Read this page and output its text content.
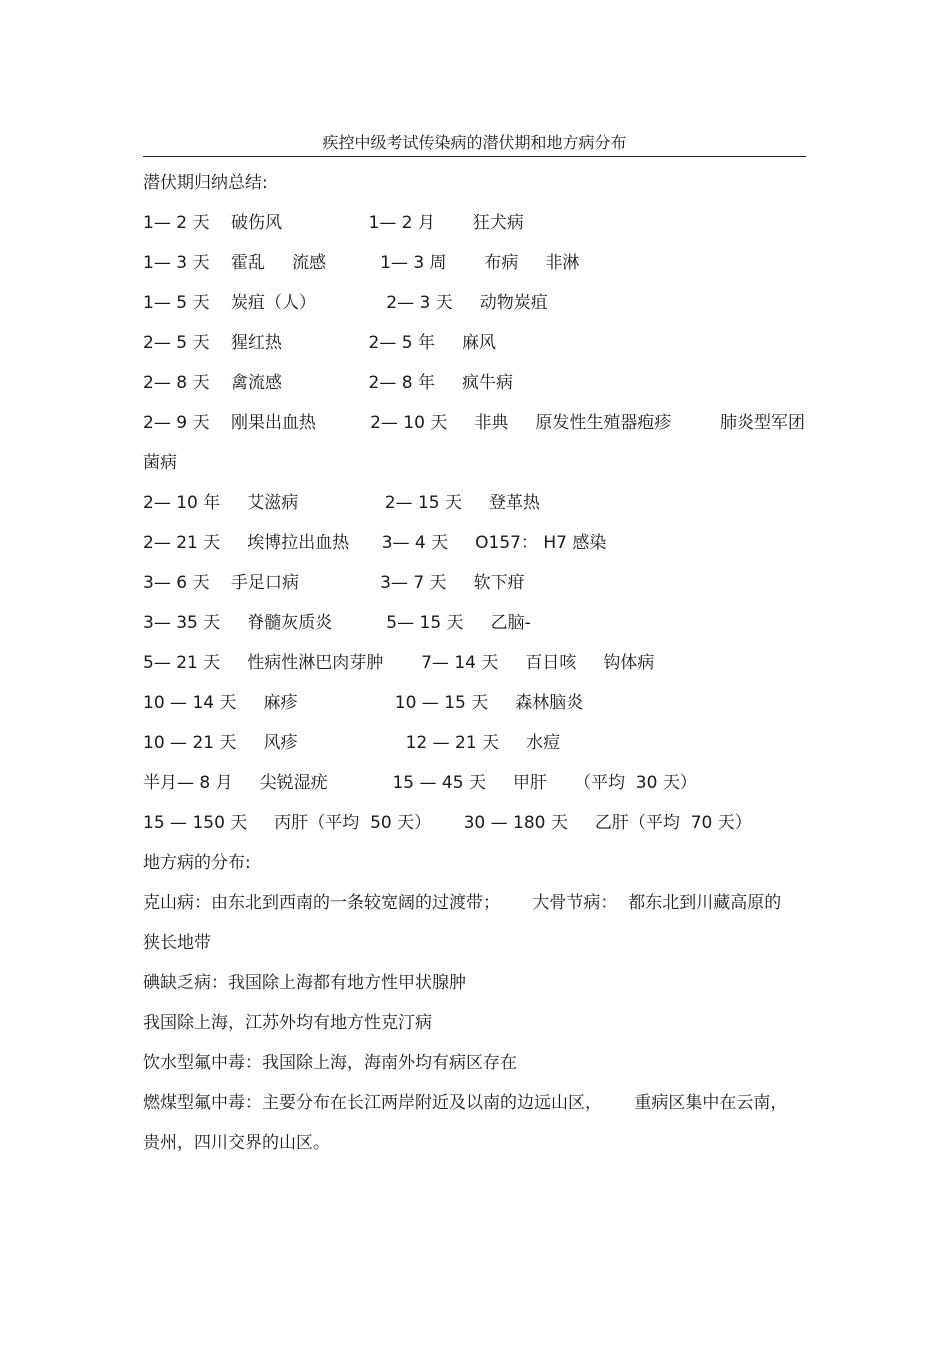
疾控中级考试传染病的潜伏期和地方病分布
潜伏期归纳总结:
1— 2 天    破伤风                1— 2 月       狂犬病
1— 3 天    霍乱     流感          1— 3 周       布病     非淋
1— 5 天    炭疽（人）             2— 3 天     动物炭疽
2— 5 天    猩红热                2— 5 年     麻风
2— 8 天    禽流感                2— 8 年     疯牛病
2— 9 天    刚果出血热          2— 10 天     非典     原发性生殖器疱疹         肺炎型军团
菌病
2— 10 年     艾滋病                2— 15 天     登革热
2— 21 天     埃博拉出血热      3— 4 天     O157： H7 感染
3— 6 天    手足口病               3— 7 天     软下疳
3— 35 天     脊髓灰质炎          5— 15 天     乙脑-
5— 21 天     性病性淋巴肉芽肿       7— 14 天     百日咳     钩体病
10 — 14 天     麻疹                  10 — 15 天     森林脑炎
10 — 21 天     风疹                    12 — 21 天     水痘
半月— 8 月     尖锐湿疣            15 — 45 天     甲肝     （平均  30 天）
15 — 150 天     丙肝（平均  50 天）      30 — 180 天     乙肝（平均  70 天）
地方病的分布:
克山病：由东北到西南的一条较宽阔的过渡带；      大骨节病：  都东北到川藏高原的
狭长地带
碘缺乏病：我国除上海都有地方性甲状腺肿
我国除上海，江苏外均有地方性克汀病
饮水型氟中毒：我国除上海，海南外均有病区存在
燃煤型氟中毒：主要分布在长江两岸附近及以南的边远山区，      重病区集中在云南，
贵州，四川交界的山区。
